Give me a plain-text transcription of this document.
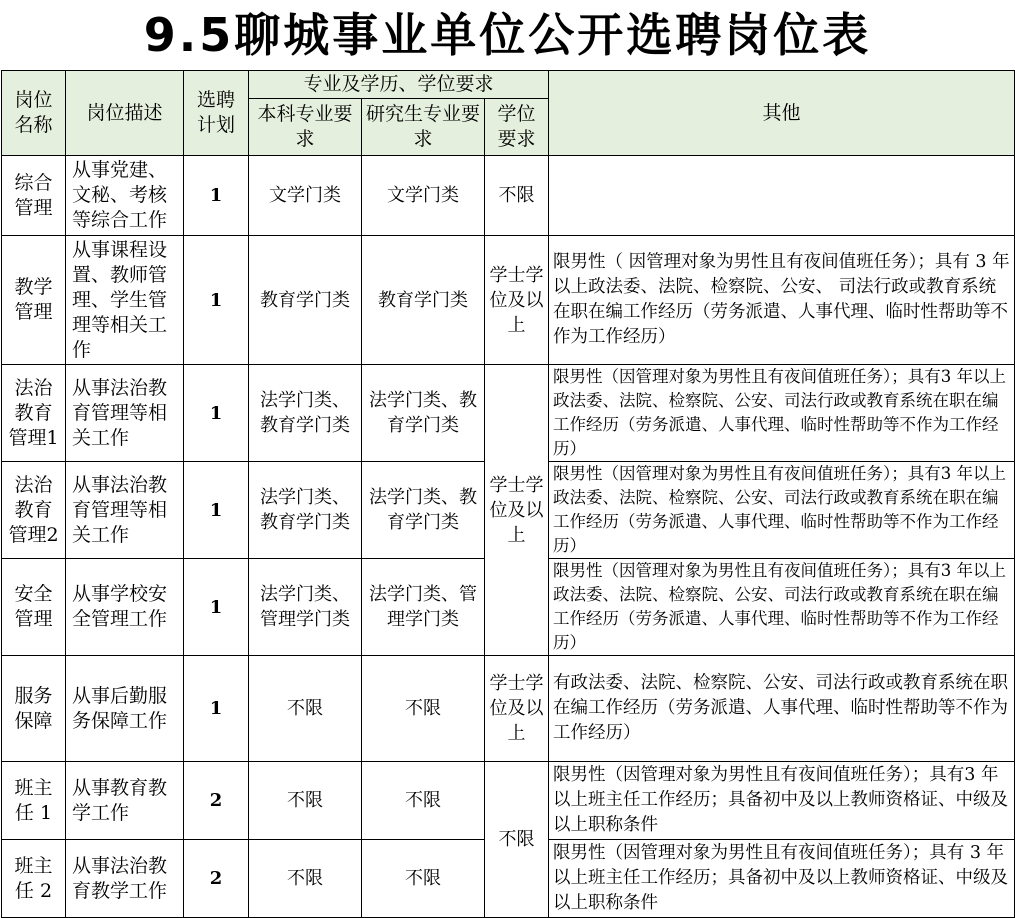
9.5聊城事业单位公开选聘岗位表
岗位名称	岗位描述	选聘计划	专业及学历、学位要求			其他
			本科专业要求	研究生专业要求	学位要求	
综合管理	从事党建、文秘、考核等综合工作	1	文学门类	文学门类	不限	
教学管理	从事课程设置、教师管理、学生管理等相关工作	1	教育学门类	教育学门类	学士学位及以上	限男性（ 因管理对象为男性且有夜间值班任务）；具有 3 年以上政法委、法院、检察院、公安、 司法行政或教育系统在职在编工作经历（劳务派遣、人事代理、临时性帮助等不作为工作经历）
法治教育管理1	从事法治教育管理等相关工作	1	法学门类、教育学门类	法学门类、教育学门类	学士学位及以上	限男性（因管理对象为男性且有夜间值班任务）；具有3 年以上政法委、法院、检察院、公安、司法行政或教育系统在职在编工作经历（劳务派遣、人事代理、临时性帮助等不作为工作经历）
法治教育管理2	从事法治教育管理等相关工作	1	法学门类、教育学门类	法学门类、教育学门类		限男性（因管理对象为男性且有夜间值班任务）；具有3 年以上政法委、法院、检察院、公安、司法行政或教育系统在职在编工作经历（劳务派遣、人事代理、临时性帮助等不作为工作经历）
安全管理	从事学校安全管理工作	1	法学门类、管理学门类	法学门类、管理学门类		限男性（因管理对象为男性且有夜间值班任务）；具有3 年以上政法委、法院、检察院、公安、司法行政或教育系统在职在编工作经历（劳务派遣、人事代理、临时性帮助等不作为工作经历）
服务保障	从事后勤服务保障工作	1	不限	不限	学士学位及以上	有政法委、法院、检察院、公安、司法行政或教育系统在职在编工作经历（劳务派遣、人事代理、临时性帮助等不作为工作经历）
班主任 1	从事教育教学工作	2	不限	不限	不限	限男性（因管理对象为男性且有夜间值班任务）；具有3 年以上班主任工作经历；具备初中及以上教师资格证、中级及以上职称条件
班主任 2	从事法治教育教学工作	2	不限	不限		限男性（因管理对象为男性且有夜间值班任务）；具有 3 年以上班主任工作经历；具备初中及以上教师资格证、中级及以上职称条件
